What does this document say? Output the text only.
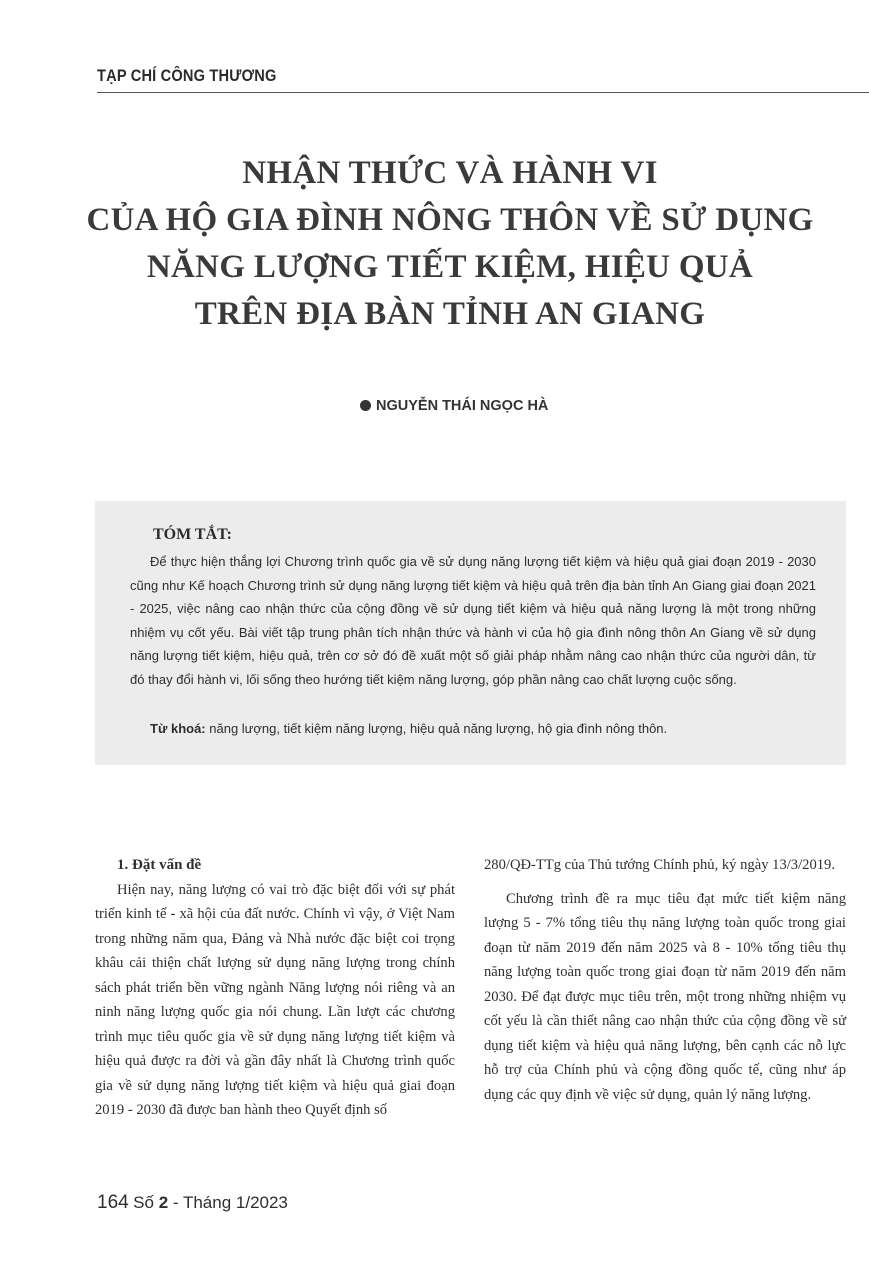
TẠP CHÍ CÔNG THƯƠNG
NHẬN THỨC VÀ HÀNH VI
CỦA HỘ GIA ĐÌNH NÔNG THÔN VỀ SỬ DỤNG
NĂNG LƯỢNG TIẾT KIỆM, HIỆU QUẢ
TRÊN ĐỊA BÀN TỈNH AN GIANG
NGUYỄN THÁI NGỌC HÀ
TÓM TẮT:
Để thực hiện thắng lợi Chương trình quốc gia về sử dụng năng lượng tiết kiệm và hiệu quả giai đoạn 2019 - 2030 cũng như Kế hoạch Chương trình sử dụng năng lượng tiết kiệm và hiệu quả trên địa bàn tỉnh An Giang giai đoạn 2021 - 2025, việc nâng cao nhận thức của cộng đồng về sử dụng tiết kiệm và hiệu quả năng lượng là một trong những nhiệm vụ cốt yếu. Bài viết tập trung phân tích nhận thức và hành vi của hộ gia đình nông thôn An Giang về sử dụng năng lượng tiết kiệm, hiệu quả, trên cơ sở đó đề xuất một số giải pháp nhằm nâng cao nhận thức của người dân, từ đó thay đổi hành vi, lối sống theo hướng tiết kiệm năng lượng, góp phần nâng cao chất lượng cuộc sống.
Từ khoá: năng lượng, tiết kiệm năng lượng, hiệu quả năng lượng, hộ gia đình nông thôn.

1. Đặt vấn đề

Hiện nay, năng lượng có vai trò đặc biệt đối với sự phát triển kinh tế - xã hội của đất nước. Chính vì vậy, ở Việt Nam trong những năm qua, Đảng và Nhà nước đặc biệt coi trọng khâu cải thiện chất lượng sử dụng năng lượng trong chính sách phát triển bền vững ngành Năng lượng nói riêng và an ninh năng lượng quốc gia nói chung. Lần lượt các chương trình mục tiêu quốc gia về sử dụng năng lượng tiết kiệm và hiệu quả được ra đời và gần đây nhất là Chương trình quốc gia về sử dụng năng lượng tiết kiệm và hiệu quả giai đoạn 2019 - 2030 đã được ban hành theo Quyết định số

280/QĐ-TTg của Thủ tướng Chính phủ, ký ngày 13/3/2019.

Chương trình đề ra mục tiêu đạt mức tiết kiệm năng lượng 5 - 7% tổng tiêu thụ năng lượng toàn quốc trong giai đoạn từ năm 2019 đến năm 2025 và 8 - 10% tổng tiêu thụ năng lượng toàn quốc trong giai đoạn từ năm 2019 đến năm 2030. Để đạt được mục tiêu trên, một trong những nhiệm vụ cốt yếu là cần thiết nâng cao nhận thức của cộng đồng về sử dụng tiết kiệm và hiệu quả năng lượng, bên cạnh các nỗ lực hỗ trợ của Chính phủ và cộng đồng quốc tế, cũng như áp dụng các quy định về việc sử dụng, quản lý năng lượng.

164 Số 2 - Tháng 1/2023
